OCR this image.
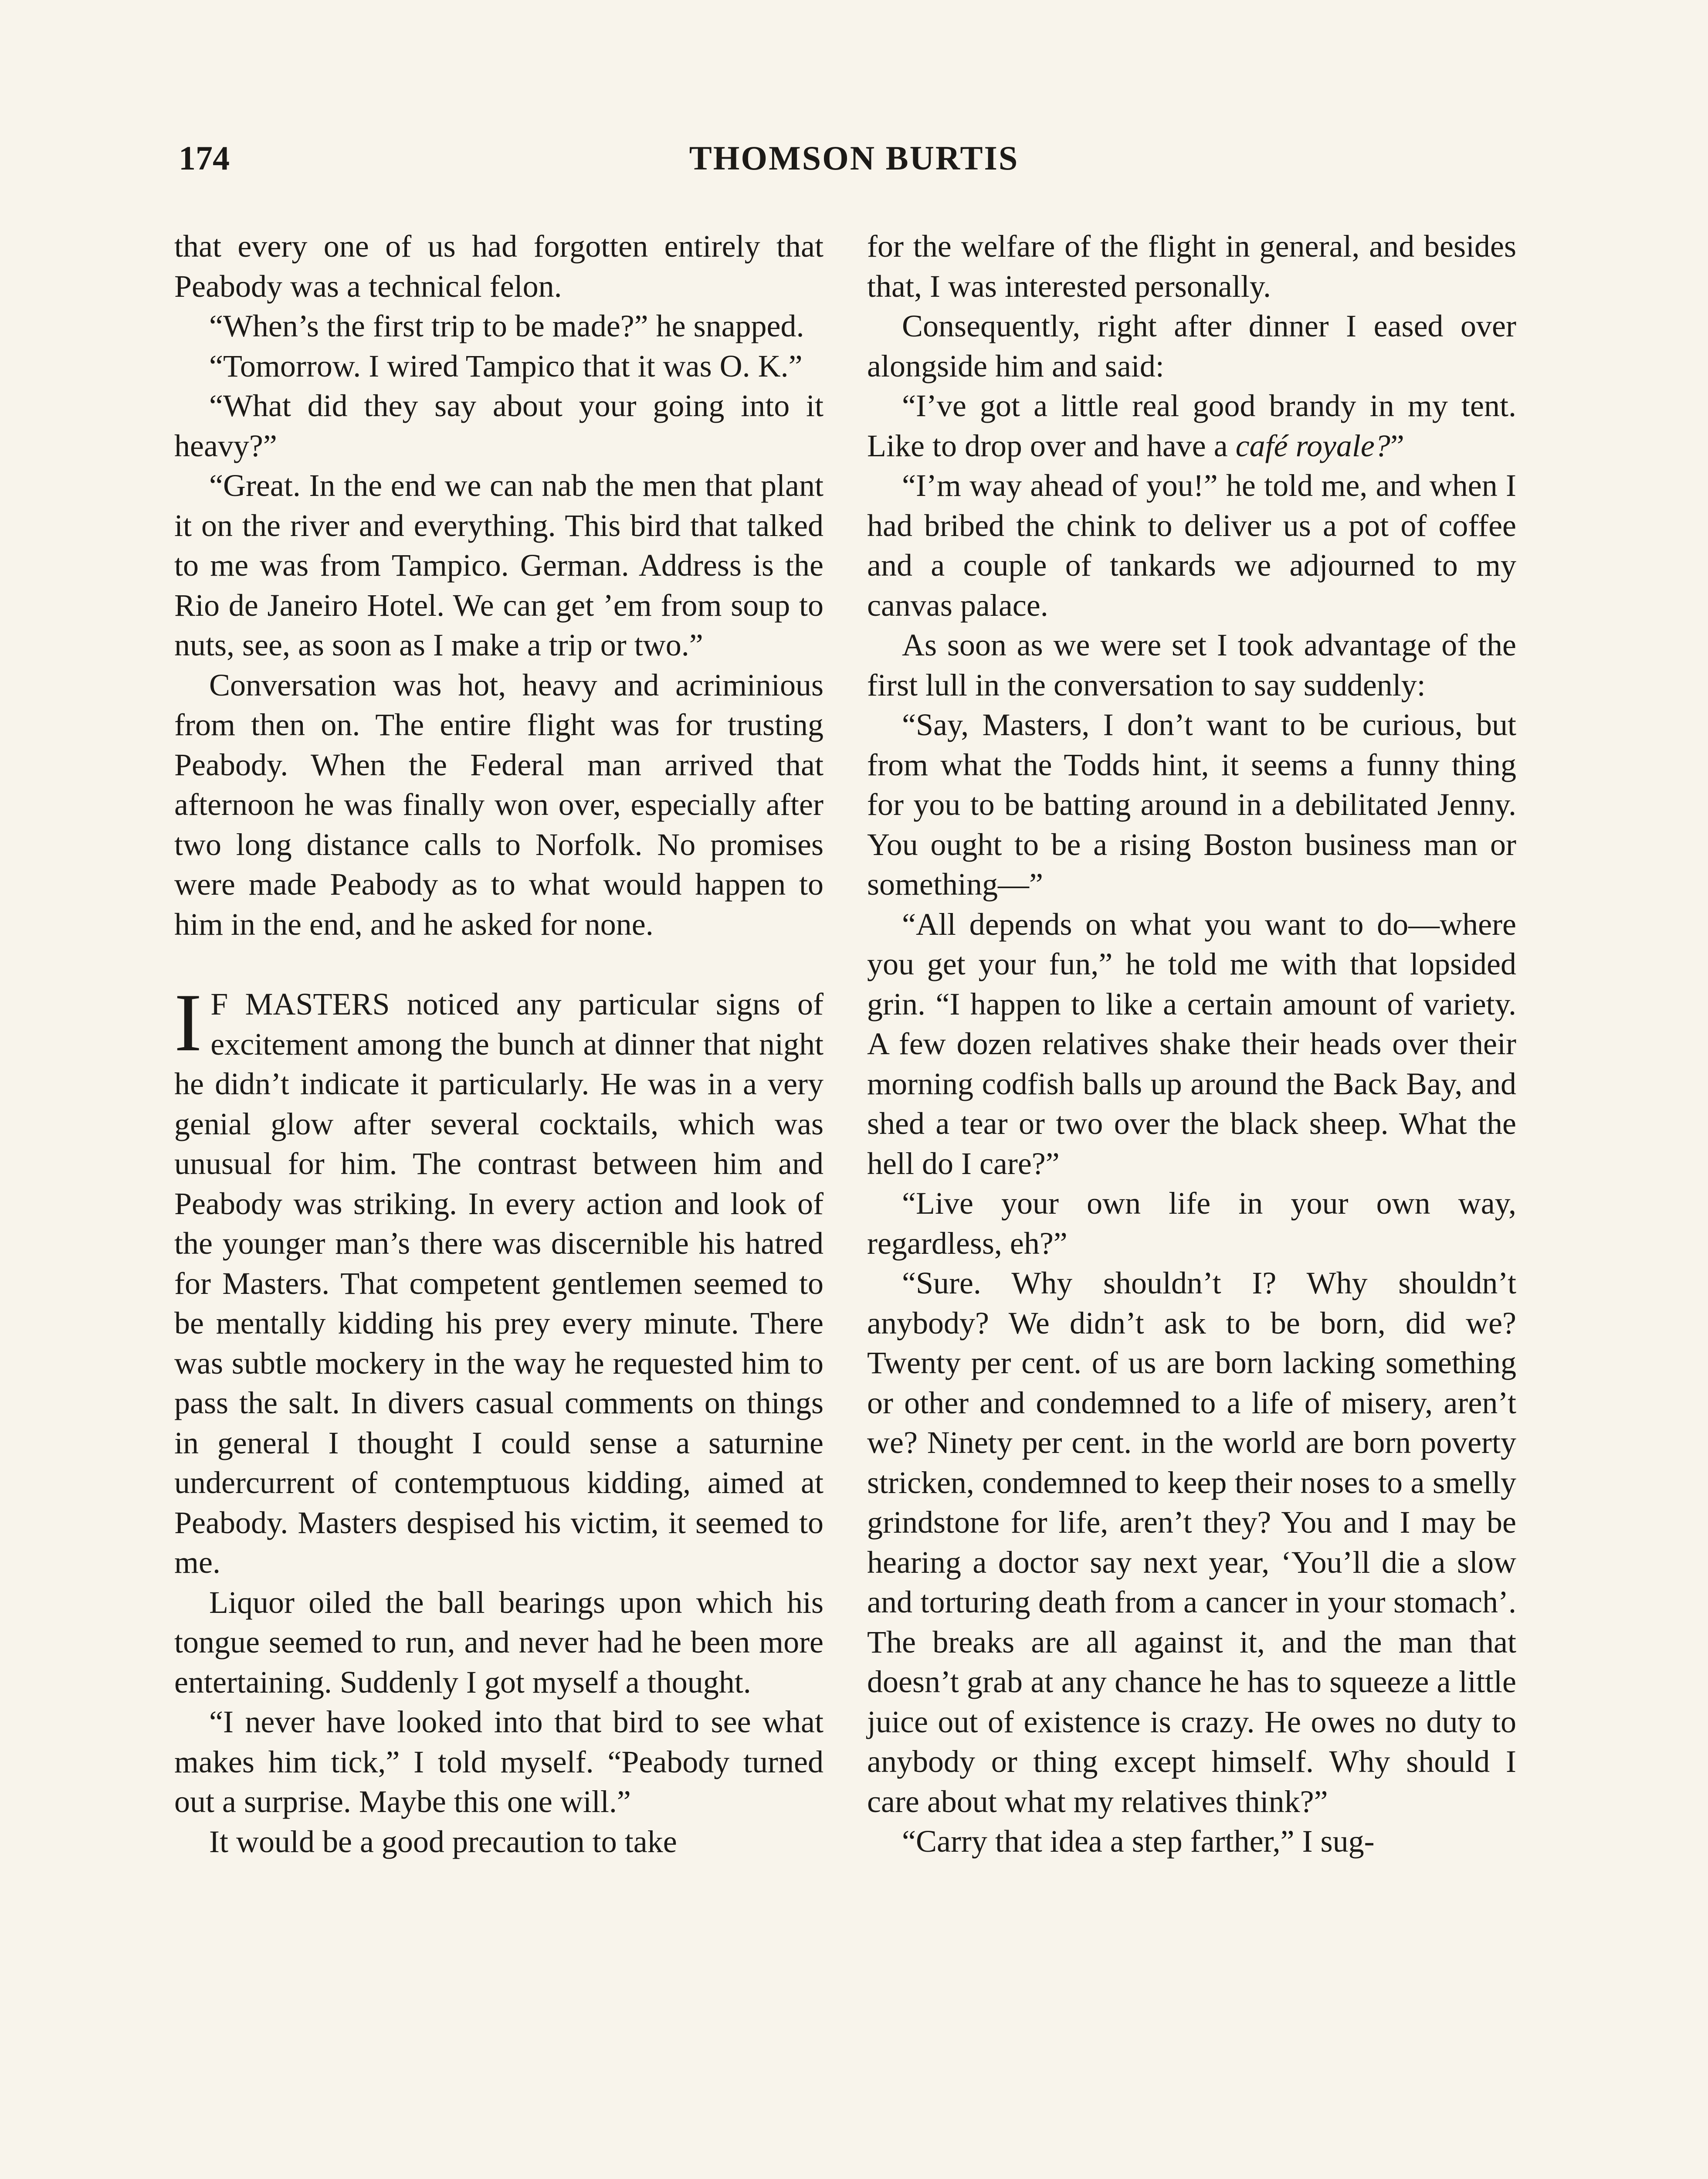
174	THOMSON BURTIS

that every one of us had forgotten entirely that Peabody was a technical felon.

“When’s the first trip to be made?” he snapped.

“Tomorrow. I wired Tampico that it was O. K.”

“What did they say about your going into it heavy?”

“Great. In the end we can nab the men that plant it on the river and everything. This bird that talked to me was from Tampico. German. Address is the Rio de Janeiro Hotel. We can get ’em from soup to nuts, see, as soon as I make a trip or two.”

Conversation was hot, heavy and acriminious from then on. The entire flight was for trusting Peabody. When the Federal man arrived that afternoon he was finally won over, especially after two long distance calls to Norfolk. No promises were made Peabody as to what would happen to him in the end, and he asked for none.

I F MASTERS noticed any particular signs of excitement among the bunch at dinner that night he didn’t indicate it particularly. He was in a very genial glow after several cocktails, which was unusual for him. The contrast between him and Peabody was striking. In every action and look of the younger man’s there was discernible his hatred for Masters. That competent gentlemen seemed to be mentally kidding his prey every minute. There was subtle mockery in the way he requested him to pass the salt. In divers casual comments on things in general I thought I could sense a saturnine undercurrent of contemptuous kidding, aimed at Peabody. Masters despised his victim, it seemed to me.

Liquor oiled the ball bearings upon which his tongue seemed to run, and never had he been more entertaining. Suddenly I got myself a thought.

“I never have looked into that bird to see what makes him tick,” I told myself. “Peabody turned out a surprise. Maybe this one will.”

It would be a good precaution to take

for the welfare of the flight in general, and besides that, I was interested personally.

Consequently, right after dinner I eased over alongside him and said:

“I’ve got a little real good brandy in my tent. Like to drop over and have a café royale?”

“I’m way ahead of you!” he told me, and when I had bribed the chink to deliver us a pot of coffee and a couple of tankards we adjourned to my canvas palace.

As soon as we were set I took advantage of the first lull in the conversation to say suddenly:

“Say, Masters, I don’t want to be curious, but from what the Todds hint, it seems a funny thing for you to be batting around in a debilitated Jenny. You ought to be a rising Boston business man or something—”

“All depends on what you want to do—where you get your fun,” he told me with that lopsided grin. “I happen to like a certain amount of variety. A few dozen relatives shake their heads over their morning codfish balls up around the Back Bay, and shed a tear or two over the black sheep. What the hell do I care?”

“Live your own life in your own way, regardless, eh?”

“Sure. Why shouldn’t I? Why shouldn’t anybody? We didn’t ask to be born, did we? Twenty per cent. of us are born lacking something or other and condemned to a life of misery, aren’t we? Ninety per cent. in the world are born poverty stricken, condemned to keep their noses to a smelly grindstone for life, aren’t they? You and I may be hearing a doctor say next year, ‘You’ll die a slow and torturing death from a cancer in your stomach’. The breaks are all against it, and the man that doesn’t grab at any chance he has to squeeze a little juice out of existence is crazy. He owes no duty to anybody or thing except himself. Why should I care about what my relatives think?”

“Carry that idea a step farther,” I sug-
